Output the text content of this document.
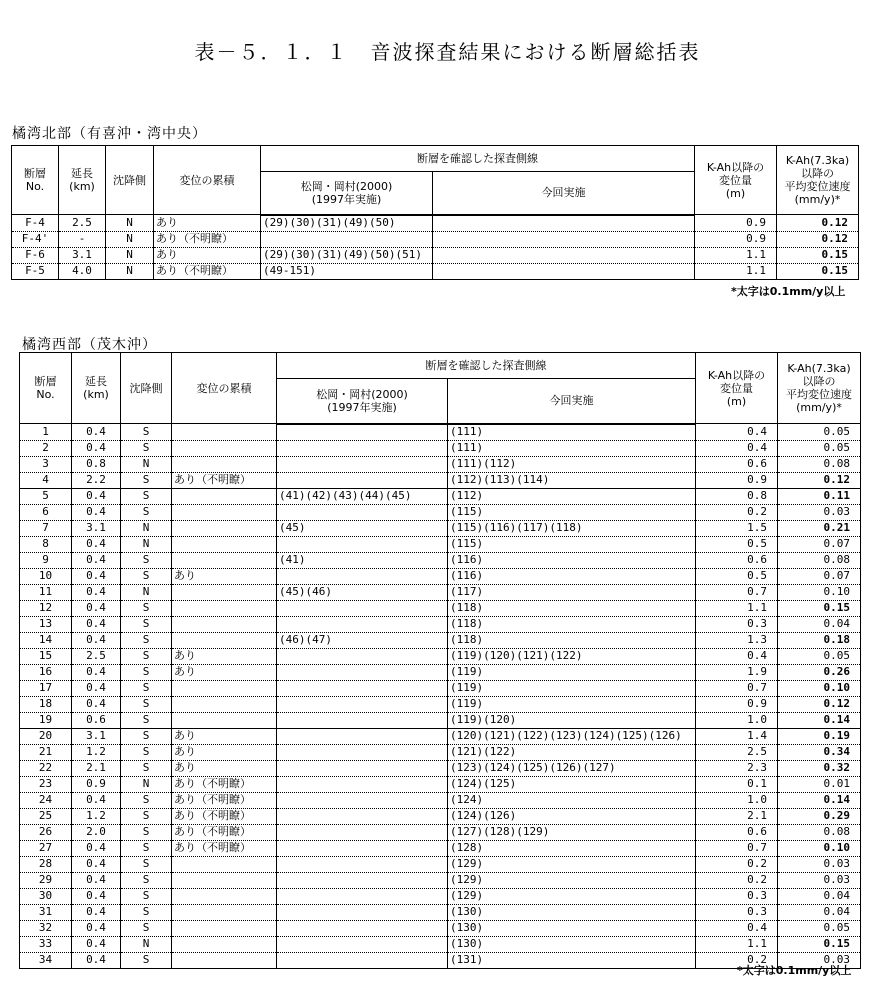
表－５．１．１　音波探査結果における断層総括表
橘湾北部（有喜沖・湾中央）
断層
No.	延長
(km)	沈降側	変位の累積	断層を確認した探査側線		K-Ah以降の
変位量
(m)	K-Ah(7.3ka)
以降の
平均変位速度
(mm/y)*
				松岡・岡村(2000)
(1997年実施)	今回実施		
F-4	2.5	N	あり	(29)(30)(31)(49)(50)		0.9	0.12
F-4'	-	N	あり（不明瞭）			0.9	0.12
F-6	3.1	N	あり	(29)(30)(31)(49)(50)(51)		1.1	0.15
F-5	4.0	N	あり（不明瞭）	(49-151)		1.1	0.15
*太字は0.1mm/y以上
橘湾西部（茂木沖）
断層
No.	延長
(km)	沈降側	変位の累積	断層を確認した探査側線		K-Ah以降の
変位量
(m)	K-Ah(7.3ka)
以降の
平均変位速度
(mm/y)*
				松岡・岡村(2000)
(1997年実施)	今回実施		
1	0.4	S			(111)	0.4	0.05
2	0.4	S			(111)	0.4	0.05
3	0.8	N			(111)(112)	0.6	0.08
4	2.2	S	あり（不明瞭）		(112)(113)(114)	0.9	0.12
5	0.4	S		(41)(42)(43)(44)(45)	(112)	0.8	0.11
6	0.4	S			(115)	0.2	0.03
7	3.1	N		(45)	(115)(116)(117)(118)	1.5	0.21
8	0.4	N			(115)	0.5	0.07
9	0.4	S		(41)	(116)	0.6	0.08
10	0.4	S	あり		(116)	0.5	0.07
11	0.4	N		(45)(46)	(117)	0.7	0.10
12	0.4	S			(118)	1.1	0.15
13	0.4	S			(118)	0.3	0.04
14	0.4	S		(46)(47)	(118)	1.3	0.18
15	2.5	S	あり		(119)(120)(121)(122)	0.4	0.05
16	0.4	S	あり		(119)	1.9	0.26
17	0.4	S			(119)	0.7	0.10
18	0.4	S			(119)	0.9	0.12
19	0.6	S			(119)(120)	1.0	0.14
20	3.1	S	あり		(120)(121)(122)(123)(124)(125)(126)	1.4	0.19
21	1.2	S	あり		(121)(122)	2.5	0.34
22	2.1	S	あり		(123)(124)(125)(126)(127)	2.3	0.32
23	0.9	N	あり（不明瞭）		(124)(125)	0.1	0.01
24	0.4	S	あり（不明瞭）		(124)	1.0	0.14
25	1.2	S	あり（不明瞭）		(124)(126)	2.1	0.29
26	2.0	S	あり（不明瞭）		(127)(128)(129)	0.6	0.08
27	0.4	S	あり（不明瞭）		(128)	0.7	0.10
28	0.4	S			(129)	0.2	0.03
29	0.4	S			(129)	0.2	0.03
30	0.4	S			(129)	0.3	0.04
31	0.4	S			(130)	0.3	0.04
32	0.4	S			(130)	0.4	0.05
33	0.4	N			(130)	1.1	0.15
34	0.4	S			(131)	0.2	0.03
*太字は0.1mm/y以上
